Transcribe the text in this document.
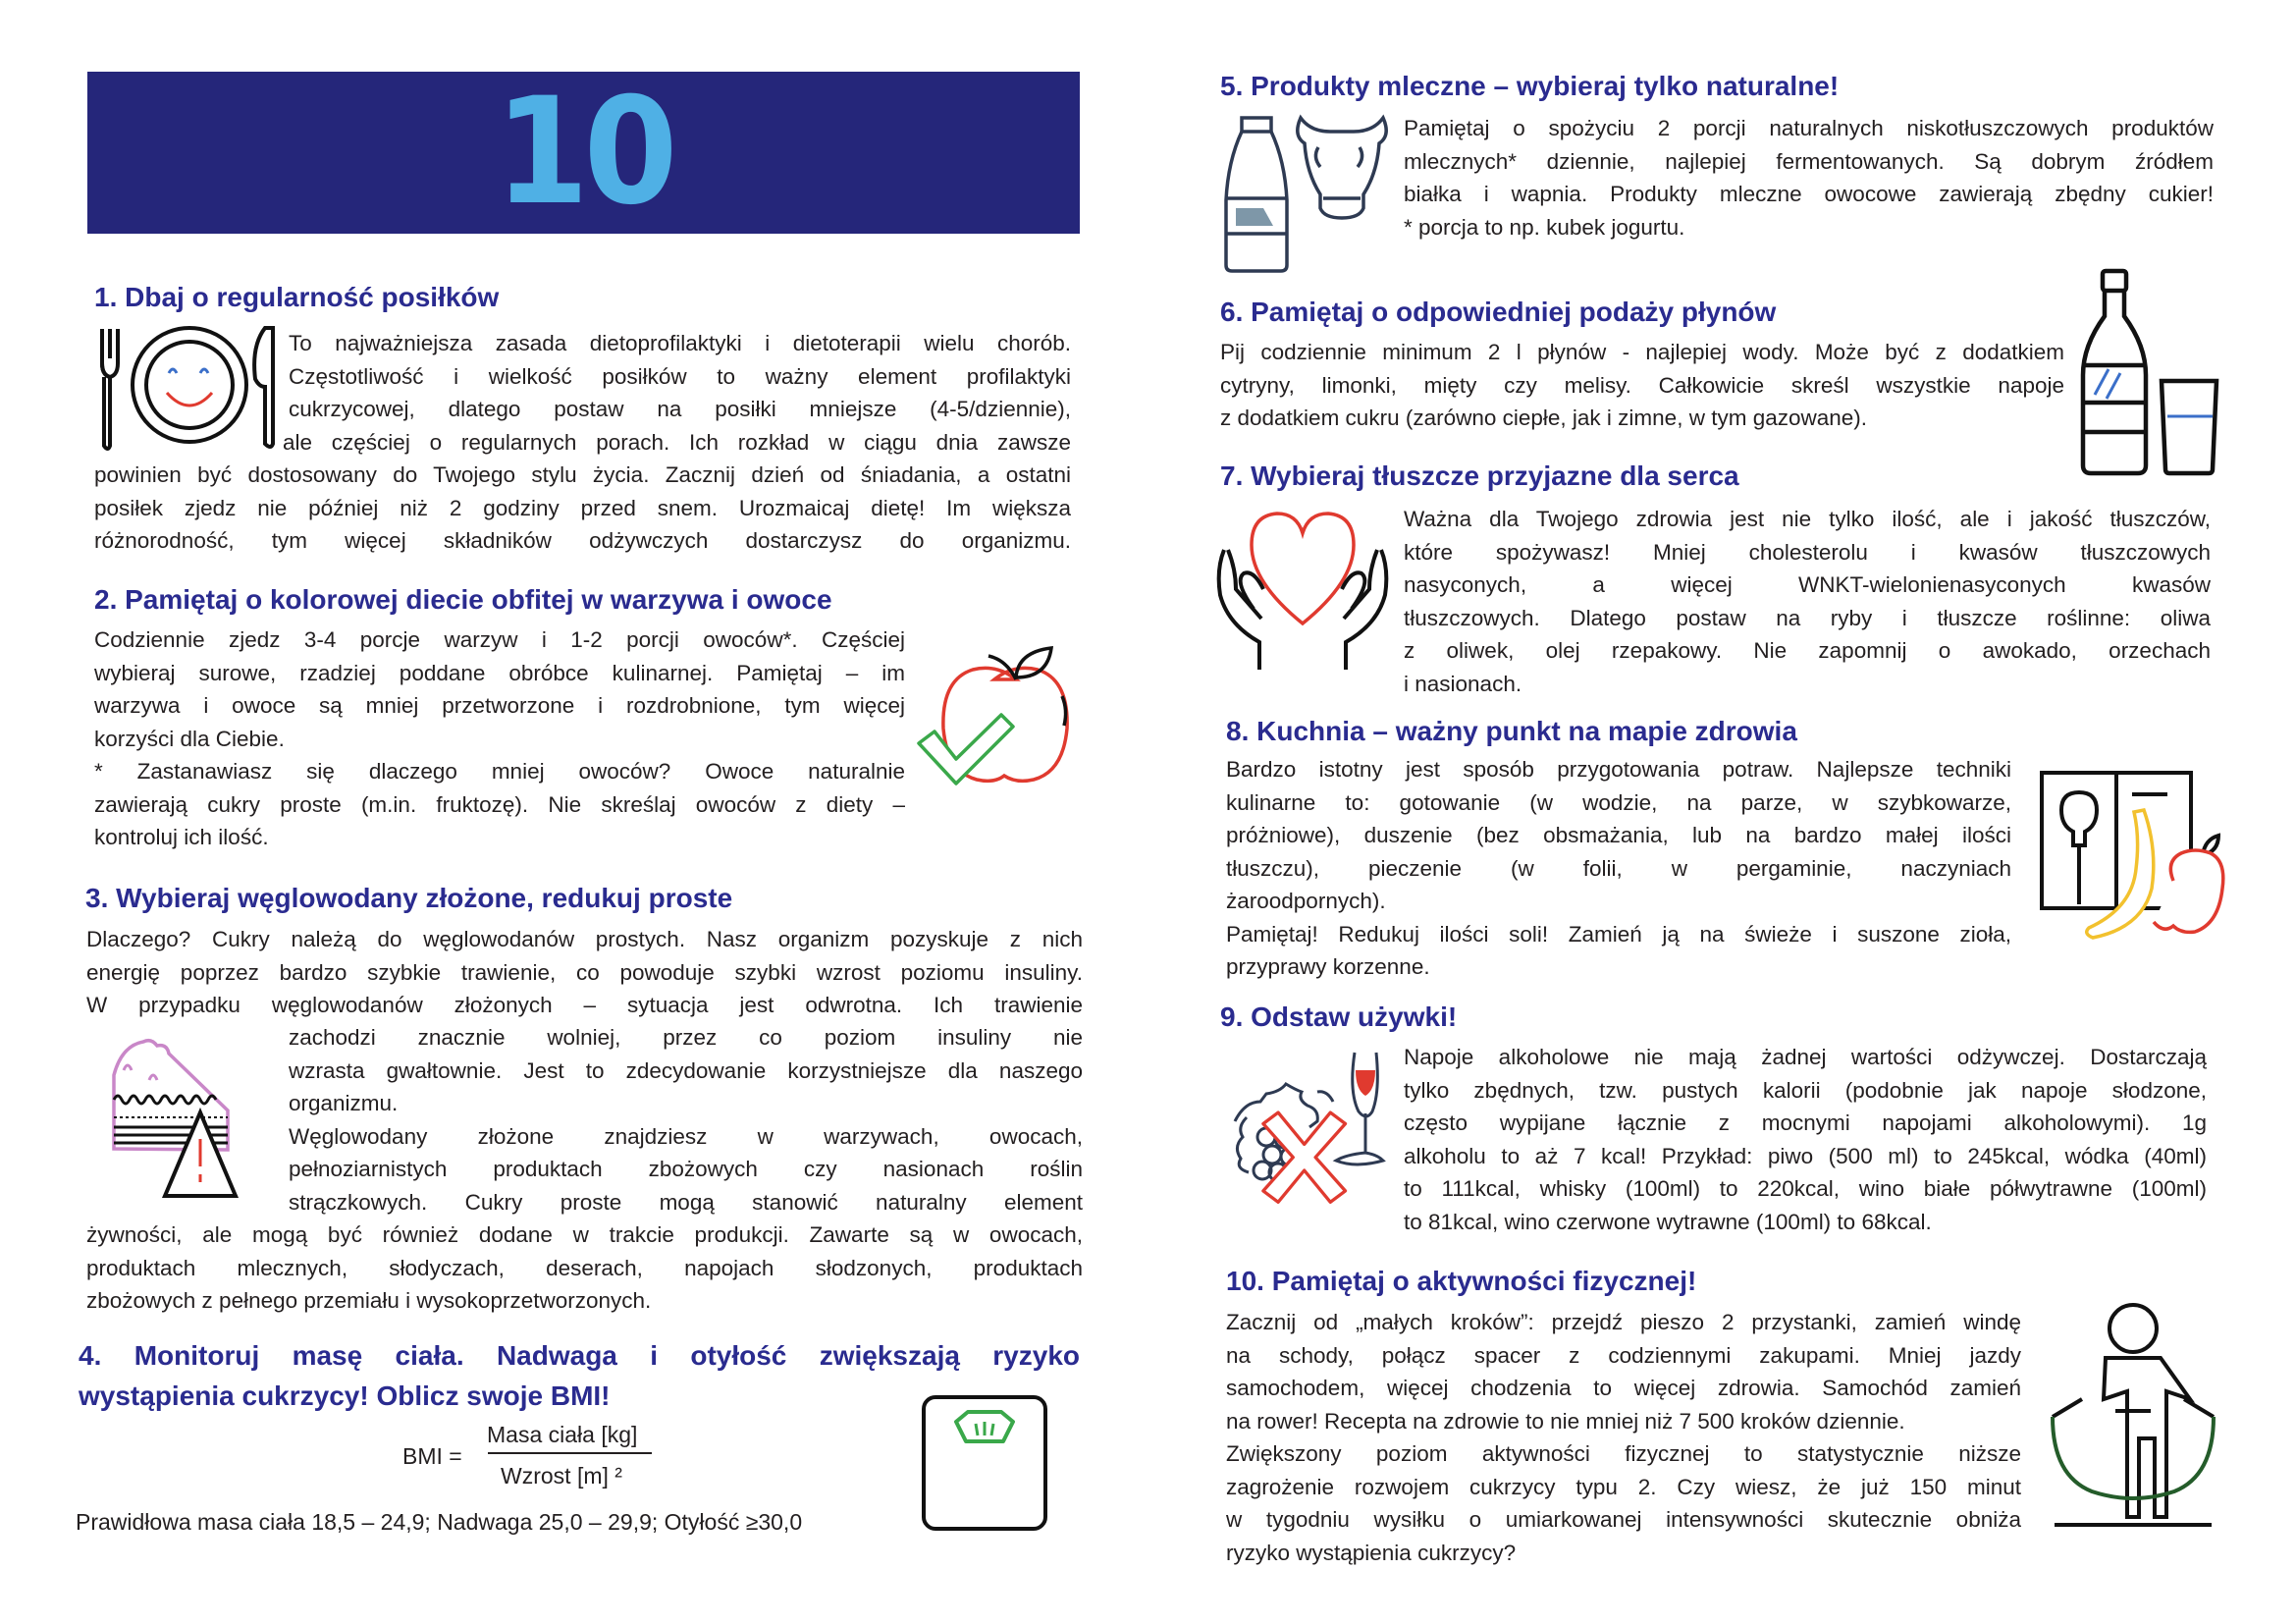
10
1. Dbaj o regularność posiłków
To najważniejsza zasada dietoprofilaktyki i dietoterapii wielu chorób.
Częstotliwość i wielkość posiłków to ważny element profilaktyki
cukrzycowej, dlatego postaw na posiłki mniejsze (4-5/dziennie),
ale częściej o regularnych porach. Ich rozkład w ciągu dnia zawsze
powinien być dostosowany do Twojego stylu życia. Zacznij dzień od śniadania, a ostatni
posiłek zjedz nie później niż 2 godziny przed snem. Urozmaicaj dietę! Im większa
różnorodność, tym więcej składników odżywczych dostarczysz do organizmu.
2. Pamiętaj o kolorowej diecie obfitej w warzywa i owoce
Codziennie zjedz 3-4 porcje warzyw i 1-2 porcji owoców*. Częściej
wybieraj surowe, rzadziej poddane obróbce kulinarnej. Pamiętaj – im
warzywa i owoce są mniej przetworzone i rozdrobnione, tym więcej
korzyści dla Ciebie.
* Zastanawiasz się dlaczego mniej owoców? Owoce naturalnie
zawierają cukry proste (m.in. fruktozę). Nie skreślaj owoców z diety –
kontroluj ich ilość.
3. Wybieraj węglowodany złożone, redukuj proste
Dlaczego? Cukry należą do węglowodanów prostych. Nasz organizm pozyskuje z nich
energię poprzez bardzo szybkie trawienie, co powoduje szybki wzrost poziomu insuliny.
W przypadku węglowodanów złożonych – sytuacja jest odwrotna. Ich trawienie
zachodzi znacznie wolniej, przez co poziom insuliny nie
wzrasta gwałtownie. Jest to zdecydowanie korzystniejsze dla naszego
organizmu.
Węglowodany złożone znajdziesz w warzywach, owocach,
pełnoziarnistych produktach zbożowych czy nasionach roślin
strączkowych. Cukry proste mogą stanowić naturalny element
żywności, ale mogą być również dodane w trakcie produkcji. Zawarte są w owocach,
produktach mlecznych, słodyczach, deserach, napojach słodzonych, produktach
zbożowych z pełnego przemiału i wysokoprzetworzonych.
4. Monitoruj masę ciała. Nadwaga i otyłość zwiększają ryzyko
wystąpienia cukrzycy! Oblicz swoje BMI!
BMI =
Masa ciała [kg]
Wzrost [m] ²
Prawidłowa masa ciała 18,5 – 24,9; Nadwaga 25,0 – 29,9; Otyłość ≥30,0
5. Produkty mleczne – wybieraj tylko naturalne!
Pamiętaj o spożyciu 2 porcji naturalnych niskotłuszczowych produktów
mlecznych* dziennie, najlepiej fermentowanych. Są dobrym źródłem
białka i wapnia. Produkty mleczne owocowe zawierają zbędny cukier!
* porcja to np. kubek jogurtu.
6. Pamiętaj o odpowiedniej podaży płynów
Pij codziennie minimum 2 l płynów - najlepiej wody. Może być z dodatkiem
cytryny, limonki, mięty czy melisy. Całkowicie skreśl wszystkie napoje
z dodatkiem cukru (zarówno ciepłe, jak i zimne, w tym gazowane).
7. Wybieraj tłuszcze przyjazne dla serca
Ważna dla Twojego zdrowia jest nie tylko ilość, ale i jakość tłuszczów,
które spożywasz! Mniej cholesterolu i kwasów tłuszczowych
nasyconych, a więcej WNKT-wielonienasyconych kwasów
tłuszczowych. Dlatego postaw na ryby i tłuszcze roślinne: oliwa
z oliwek, olej rzepakowy. Nie zapomnij o awokado, orzechach
i nasionach.
8. Kuchnia – ważny punkt na mapie zdrowia
Bardzo istotny jest sposób przygotowania potraw. Najlepsze techniki
kulinarne to: gotowanie (w wodzie, na parze, w szybkowarze,
próżniowe), duszenie (bez obsmażania, lub na bardzo małej ilości
tłuszczu), pieczenie (w folii, w pergaminie, naczyniach
żaroodpornych).
Pamiętaj! Redukuj ilości soli! Zamień ją na świeże i suszone zioła,
przyprawy korzenne.
9. Odstaw używki!
Napoje alkoholowe nie mają żadnej wartości odżywczej. Dostarczają
tylko zbędnych, tzw. pustych kalorii (podobnie jak napoje słodzone,
często wypijane łącznie z mocnymi napojami alkoholowymi). 1g
alkoholu to aż 7 kcal! Przykład: piwo (500 ml) to 245kcal, wódka (40ml)
to 111kcal, whisky (100ml) to 220kcal, wino białe półwytrawne (100ml)
to 81kcal, wino czerwone wytrawne (100ml) to 68kcal.
10. Pamiętaj o aktywności fizycznej!
Zacznij od „małych kroków”: przejdź pieszo 2 przystanki, zamień windę
na schody, połącz spacer z codziennymi zakupami. Mniej jazdy
samochodem, więcej chodzenia to więcej zdrowia. Samochód zamień
na rower! Recepta na zdrowie to nie mniej niż 7 500 kroków dziennie.
Zwiększony poziom aktywności fizycznej to statystycznie niższe
zagrożenie rozwojem cukrzycy typu 2. Czy wiesz, że już 150 minut
w tygodniu wysiłku o umiarkowanej intensywności skutecznie obniża
ryzyko wystąpienia cukrzycy?
